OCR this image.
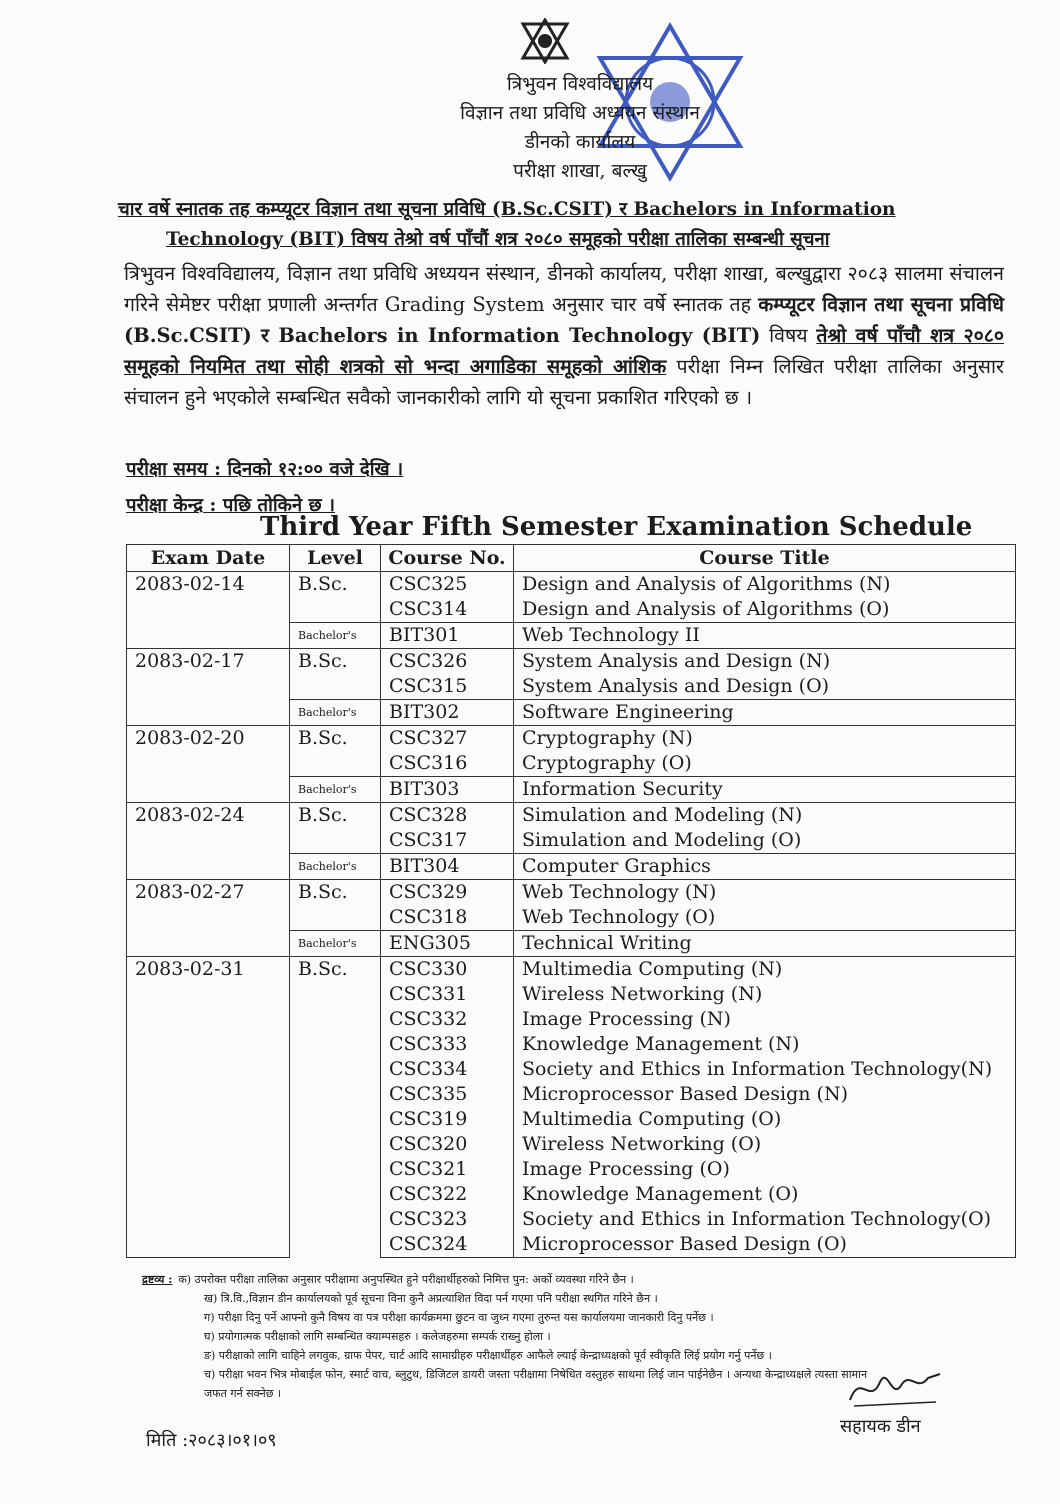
त्रिभुवन विश्वविद्यालय
विज्ञान तथा प्रविधि अध्ययन संस्थान
डीनको कार्यालय
परीक्षा शाखा, बल्खु
चार वर्षे स्नातक तह कम्प्यूटर विज्ञान तथा सूचना प्रविधि (B.Sc.CSIT) र Bachelors in Information
Technology (BIT) विषय तेश्रो वर्ष पाँचौं शत्र २०८० समूहको परीक्षा तालिका सम्बन्धी सूचना
त्रिभुवन विश्वविद्यालय, विज्ञान तथा प्रविधि अध्ययन संस्थान, डीनको कार्यालय, परीक्षा शाखा, बल्खुद्वारा २०८३ सालमा संचालन गरिने सेमेष्टर परीक्षा प्रणाली अन्तर्गत Grading System अनुसार चार वर्षे स्नातक तह कम्प्यूटर विज्ञान तथा सूचना प्रविधि (B.Sc.CSIT) र Bachelors in Information Technology (BIT) विषय तेश्रो वर्ष पाँचौ शत्र २०८० समूहको नियमित तथा सोही शत्रको सो भन्दा अगाडिका समूहको आंशिक परीक्षा निम्न लिखित परीक्षा तालिका अनुसार संचालन हुने भएकोले सम्बन्धित सवैको जानकारीको लागि यो सूचना प्रकाशित गरिएको छ ।
परीक्षा समय : दिनको १२:०० वजे देखि ।
परीक्षा केन्द्र : पछि तोकिने छ ।
Third Year Fifth Semester Examination Schedule
Exam Date	Level	Course No.	Course Title
2083-02-14	B.Sc.	CSC325	Design and Analysis of Algorithms (N)
		CSC314	Design and Analysis of Algorithms (O)
	Bachelor's	BIT301	Web Technology II
2083-02-17	B.Sc.	CSC326	System Analysis and Design (N)
		CSC315	System Analysis and Design (O)
	Bachelor's	BIT302	Software Engineering
2083-02-20	B.Sc.	CSC327	Cryptography (N)
		CSC316	Cryptography (O)
	Bachelor's	BIT303	Information Security
2083-02-24	B.Sc.	CSC328	Simulation and Modeling (N)
		CSC317	Simulation and Modeling (O)
	Bachelor's	BIT304	Computer Graphics
2083-02-27	B.Sc.	CSC329	Web Technology (N)
		CSC318	Web Technology (O)
	Bachelor's	ENG305	Technical Writing
2083-02-31	B.Sc.	CSC330	Multimedia Computing (N)
		CSC331	Wireless Networking (N)
		CSC332	Image Processing (N)
		CSC333	Knowledge Management (N)
		CSC334	Society and Ethics in Information Technology(N)
		CSC335	Microprocessor Based Design (N)
		CSC319	Multimedia Computing (O)
		CSC320	Wireless Networking (O)
		CSC321	Image Processing (O)
		CSC322	Knowledge Management (O)
		CSC323	Society and Ethics in Information Technology(O)
		CSC324	Microprocessor Based Design (O)
द्रष्टव्य : क) उपरोक्त परीक्षा तालिका अनुसार परीक्षामा अनुपस्थित हुने परीक्षार्थीहरुको निमित्त पुन: अर्को व्यवस्था गरिने छैन ।
ख) त्रि.वि.,विज्ञान डीन कार्यालयको पूर्व सूचना विना कुनै अप्रत्याशित विदा पर्न गएमा पनि परीक्षा स्थगित गरिने छैन ।
ग) परीक्षा दिनु पर्ने आफ्नो कुनै विषय वा पत्र परीक्षा कार्यक्रममा छुटन वा जुध्न गएमा तुरुन्त यस कार्यालयमा जानकारी दिनु पर्नेछ ।
घ) प्रयोगात्मक परीक्षाको लागि सम्बन्धित क्याम्पसहरु । कलेजहरुमा सम्पर्क राख्नु होला ।
ङ) परीक्षाको लागि चाहिने लगवुक, ग्राफ पेपर, चार्ट आदि सामाग्रीहरु परीक्षार्थीहरु आफैले ल्याई केन्द्राध्यक्षको पूर्व स्वीकृति लिई प्रयोग गर्नु पर्नेछ ।
च) परीक्षा भवन भित्र मोबाईल फोन, स्मार्ट वाच, ब्लुटुथ, डिजिटल डायरी जस्ता परीक्षामा निषेधित वस्तुहरु साथमा लिई जान पाईनेछैन । अन्यथा केन्द्राध्यक्षले त्यस्ता सामान
जफत गर्न सक्नेछ ।
सहायक डीन
मिति :२०८३।०१।०९
